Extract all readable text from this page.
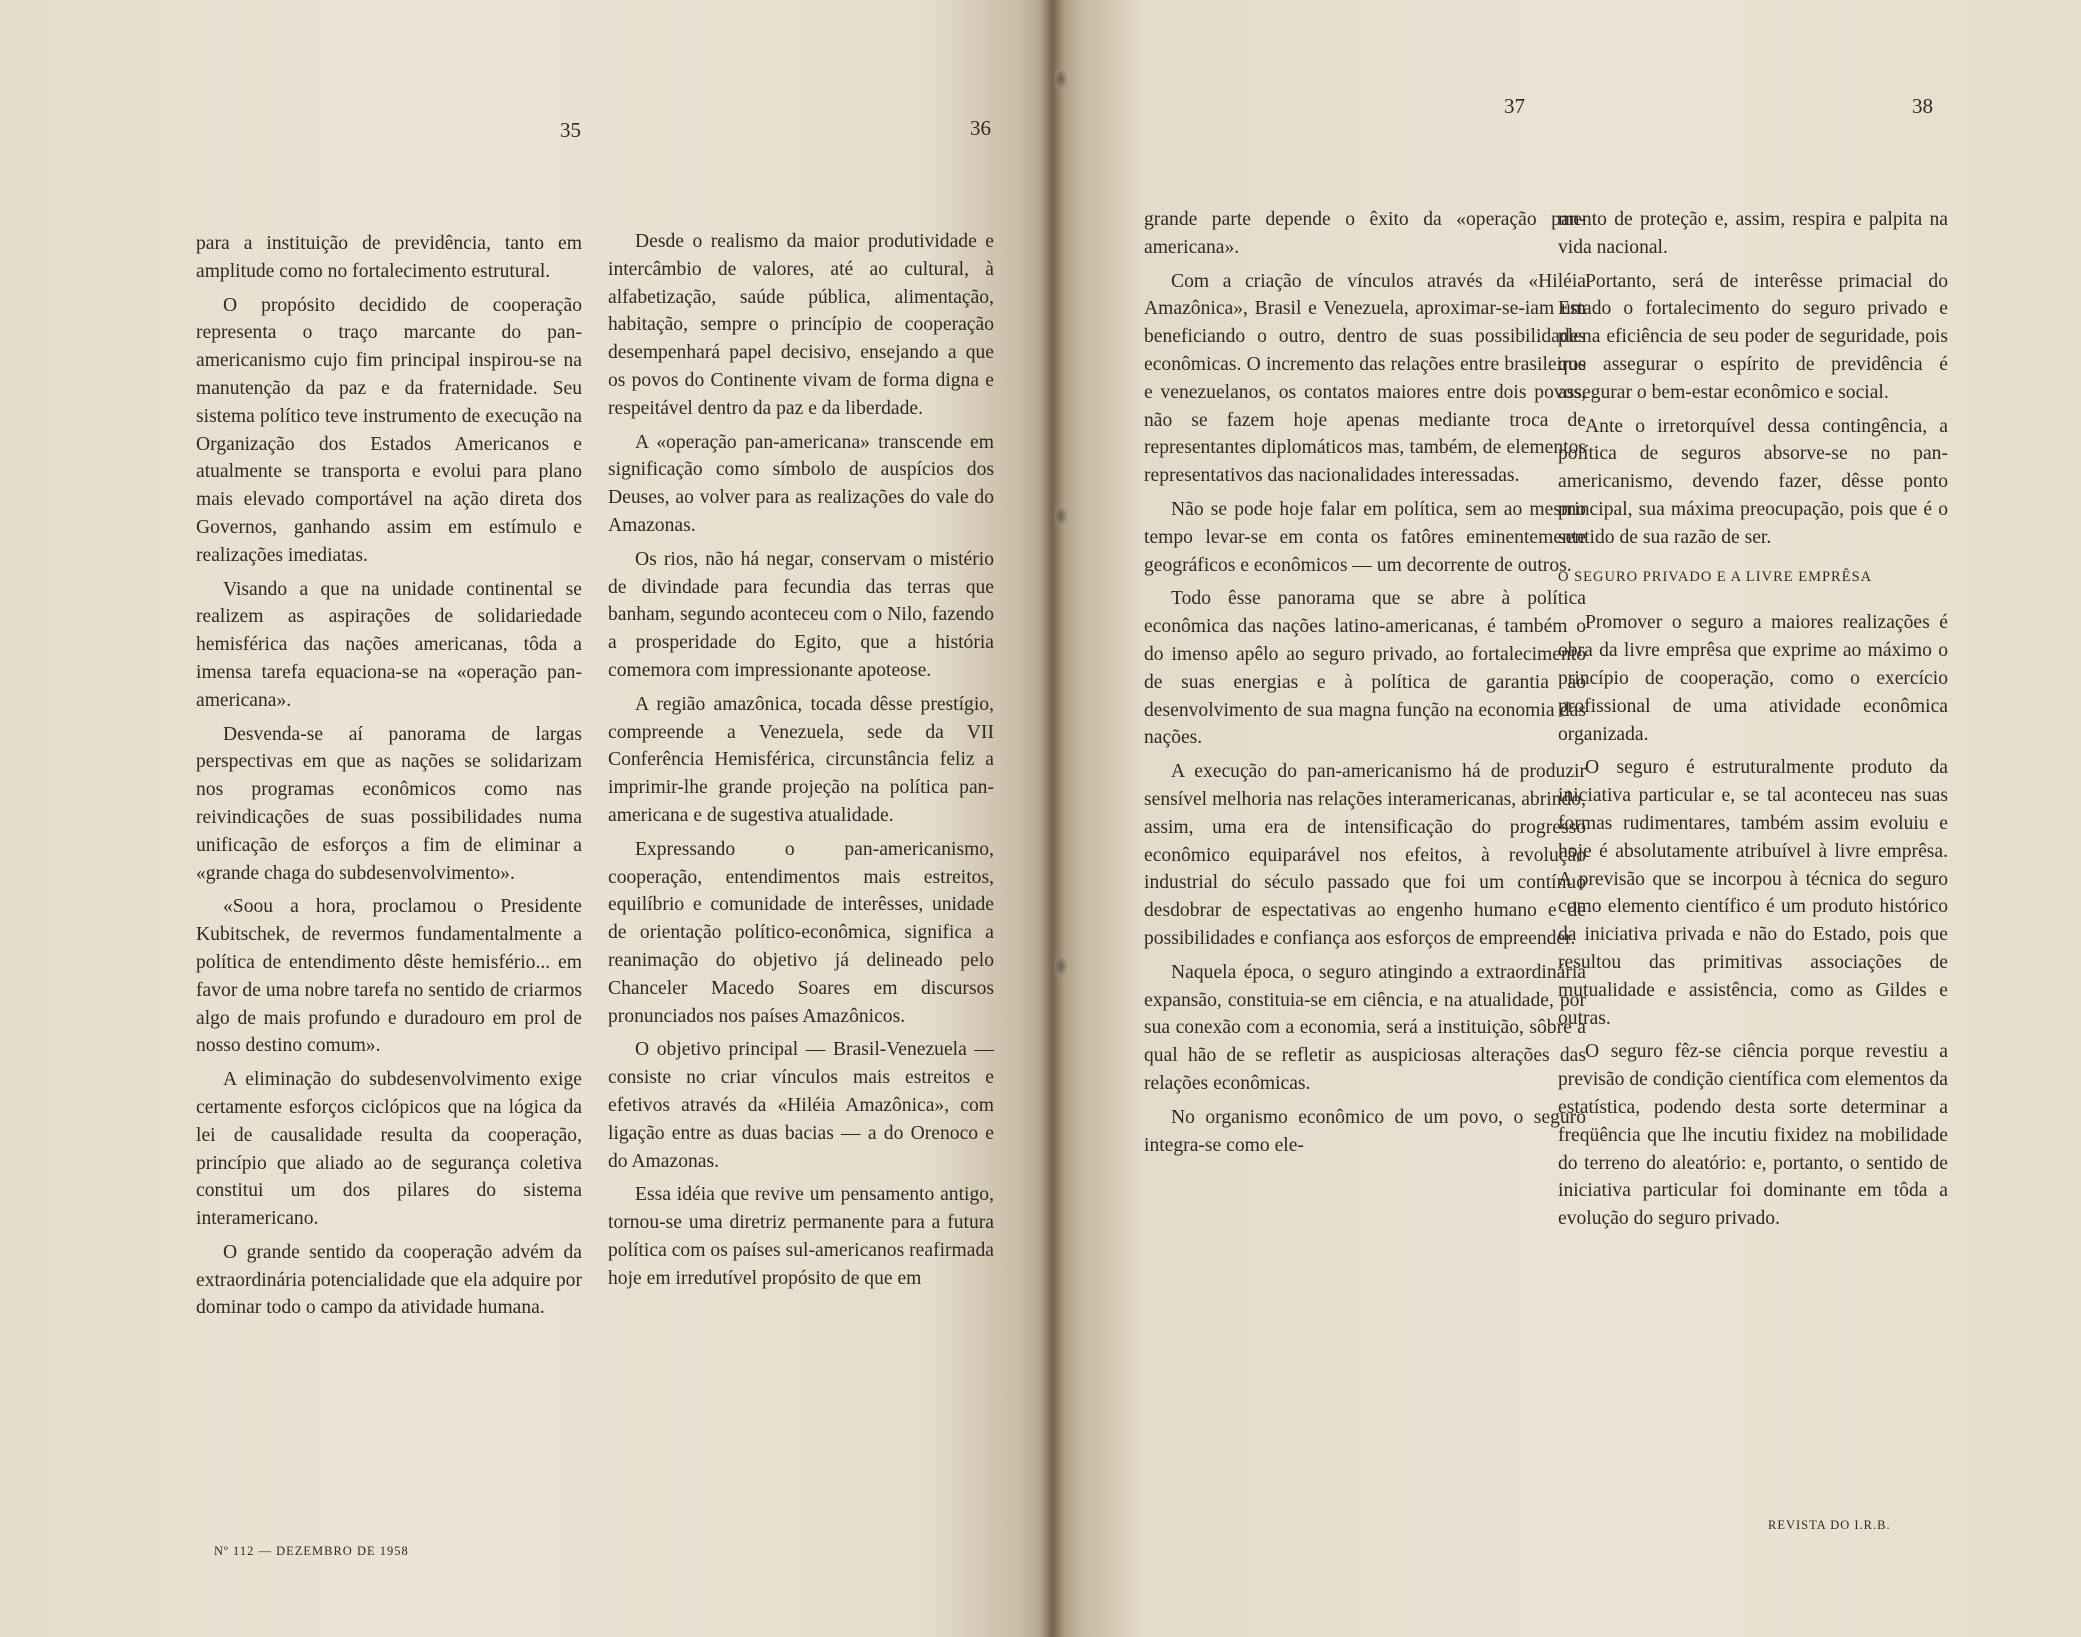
35	36

para a instituição de previdência, tanto em amplitude como no fortalecimento estrutural.

O propósito decidido de cooperação representa o traço marcante do pan-americanismo cujo fim principal inspirou-se na manutenção da paz e da fraternidade. Seu sistema político teve instrumento de execução na Organização dos Estados Americanos e atualmente se transporta e evolui para plano mais elevado comportável na ação direta dos Governos, ganhando assim em estímulo e realizações imediatas.

Visando a que na unidade continental se realizem as aspirações de solidariedade hemisférica das nações americanas, tôda a imensa tarefa equaciona-se na «operação pan-americana».

Desvenda-se aí panorama de largas perspectivas em que as nações se solidarizam nos programas econômicos como nas reivindicações de suas possibilidades numa unificação de esforços a fim de eliminar a «grande chaga do subdesenvolvimento».

«Soou a hora, proclamou o Presidente Kubitschek, de revermos fundamentalmente a política de entendimento dêste hemisfério... em favor de uma nobre tarefa no sentido de criarmos algo de mais profundo e duradouro em prol de nosso destino comum».

A eliminação do subdesenvolvimento exige certamente esforços ciclópicos que na lógica da lei de causalidade resulta da cooperação, princípio que aliado ao de segurança coletiva constitui um dos pilares do sistema interamericano.

O grande sentido da cooperação advém da extraordinária potencialidade que ela adquire por dominar todo o campo da atividade humana.

Desde o realismo da maior produtividade e intercâmbio de valores, até ao cultural, à alfabetização, saúde pública, alimentação, habitação, sempre o princípio de cooperação desempenhará papel decisivo, ensejando a que os povos do Continente vivam de forma digna e respeitável dentro da paz e da liberdade.

A «operação pan-americana» transcende em significação como símbolo de auspícios dos Deuses, ao volver para as realizações do vale do Amazonas.

Os rios, não há negar, conservam o mistério de divindade para fecundia das terras que banham, segundo aconteceu com o Nilo, fazendo a prosperidade do Egito, que a história comemora com impressionante apoteose.

A região amazônica, tocada dêsse prestígio, compreende a Venezuela, sede da VII Conferência Hemisférica, circunstância feliz a imprimir-lhe grande projeção na política pan-americana e de sugestiva atualidade.

Expressando o pan-americanismo, cooperação, entendimentos mais estreitos, equilíbrio e comunidade de interêsses, unidade de orientação político-econômica, significa a reanimação do objetivo já delineado pelo Chanceler Macedo Soares em discursos pronunciados nos países Amazônicos.

O objetivo principal — Brasil-Venezuela — consiste no criar vínculos mais estreitos e efetivos através da «Hiléia Amazônica», com ligação entre as duas bacias — a do Orenoco e do Amazonas.

Essa idéia que revive um pensamento antigo, tornou-se uma diretriz permanente para a futura política com os países sul-americanos reafirmada hoje em irredutível propósito de que em

Nº 112 — DEZEMBRO DE 1958
37	38

grande parte depende o êxito da «operação pan-americana».

Com a criação de vínculos através da «Hiléia Amazônica», Brasil e Venezuela, aproximar-se-iam um beneficiando o outro, dentro de suas possibilidades econômicas. O incremento das relações entre brasileiros e venezuelanos, os contatos maiores entre dois povos, não se fazem hoje apenas mediante troca de representantes diplomáticos mas, também, de elementos representativos das nacionalidades interessadas.

Não se pode hoje falar em política, sem ao mesmo tempo levar-se em conta os fatôres eminentemente geográficos e econômicos — um decorrente de outros.

Todo êsse panorama que se abre à política econômica das nações latino-americanas, é também o do imenso apêlo ao seguro privado, ao fortalecimento de suas energias e à política de garantia ao desenvolvimento de sua magna função na economia das nações.

A execução do pan-americanismo há de produzir sensível melhoria nas relações interamericanas, abrindo, assim, uma era de intensificação do progresso econômico equiparável nos efeitos, à revolução industrial do século passado que foi um contínuo desdobrar de espectativas ao engenho humano e de possibilidades e confiança aos esforços de empreender.

Naquela época, o seguro atingindo a extraordinária expansão, constituia-se em ciência, e na atualidade, por sua conexão com a economia, será a instituição, sôbre a qual hão de se refletir as auspiciosas alterações das relações econômicas.

No organismo econômico de um povo, o seguro integra-se como ele-

mento de proteção e, assim, respira e palpita na vida nacional.

Portanto, será de interêsse primacial do Estado o fortalecimento do seguro privado e plena eficiência de seu poder de seguridade, pois que assegurar o espírito de previdência é assegurar o bem-estar econômico e social.

Ante o irretorquível dessa contingência, a política de seguros absorve-se no pan-americanismo, devendo fazer, dêsse ponto principal, sua máxima preocupação, pois que é o sentido de sua razão de ser.

O SEGURO PRIVADO E A LIVRE EMPRÊSA

Promover o seguro a maiores realizações é obra da livre emprêsa que exprime ao máximo o princípio de cooperação, como o exercício profissional de uma atividade econômica organizada.

O seguro é estruturalmente produto da iniciativa particular e, se tal aconteceu nas suas formas rudimentares, também assim evoluiu e hoje é absolutamente atribuível à livre emprêsa. A previsão que se incorpou à técnica do seguro como elemento científico é um produto histórico da iniciativa privada e não do Estado, pois que resultou das primitivas associações de mutualidade e assistência, como as Gildes e outras.

O seguro fêz-se ciência porque revestiu a previsão de condição científica com elementos da estatística, podendo desta sorte determinar a freqüência que lhe incutiu fixidez na mobilidade do terreno do aleatório: e, portanto, o sentido de iniciativa particular foi dominante em tôda a evolução do seguro privado.

REVISTA DO I.R.B.
